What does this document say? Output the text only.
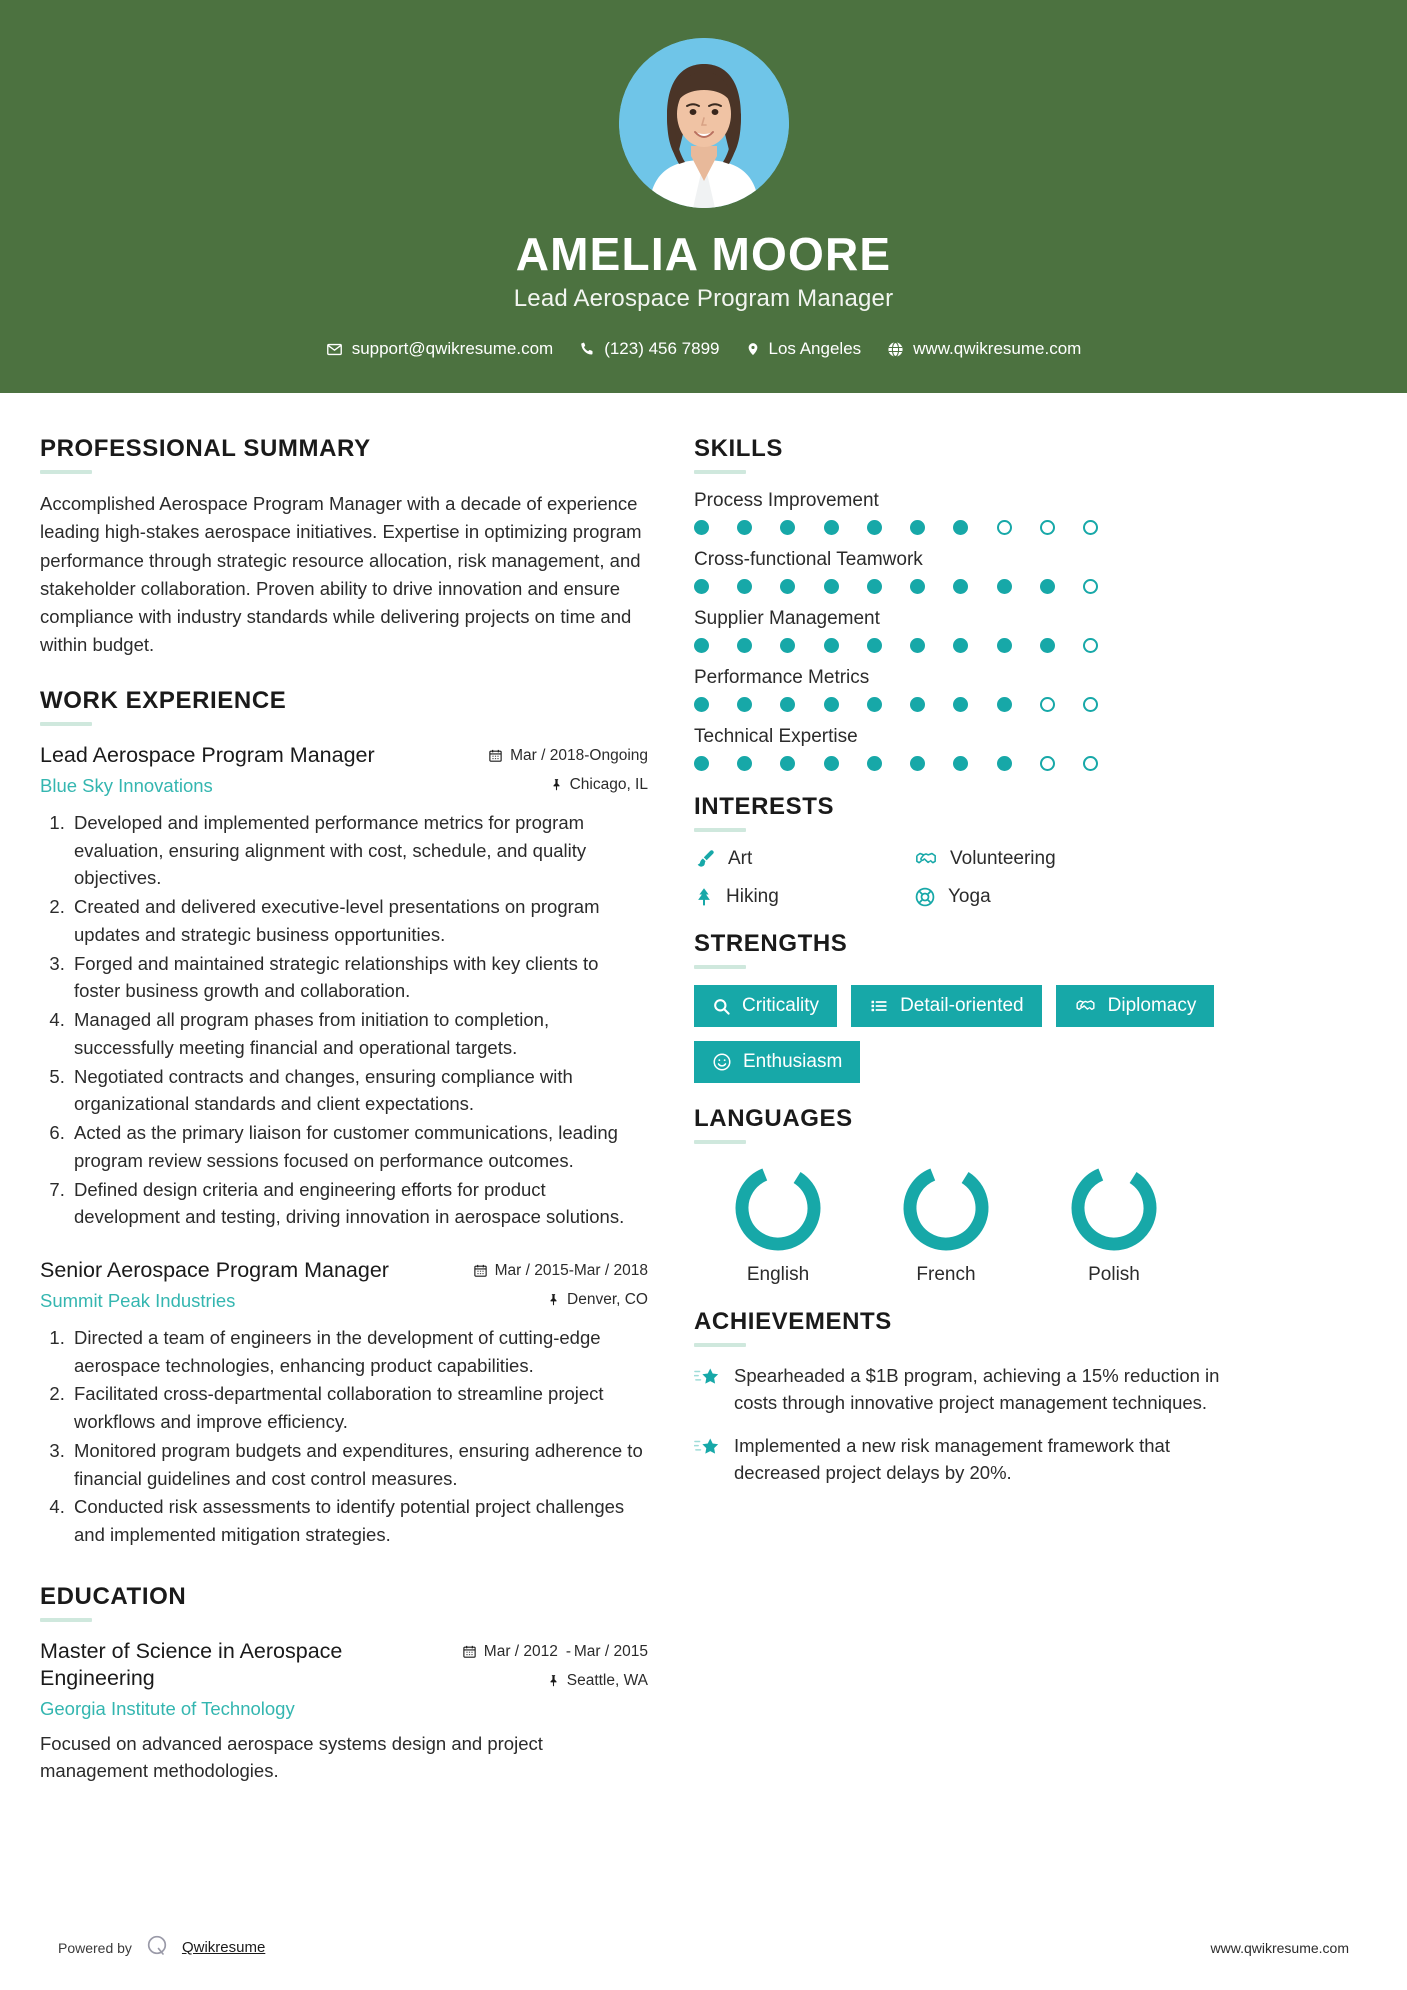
AMELIA MOORE
Lead Aerospace Program Manager
support@qwikresume.com	(123) 456 7899	Los Angeles	www.qwikresume.com
PROFESSIONAL SUMMARY
Accomplished Aerospace Program Manager with a decade of experience leading high-stakes aerospace initiatives. Expertise in optimizing program performance through strategic resource allocation, risk management, and stakeholder collaboration. Proven ability to drive innovation and ensure compliance with industry standards while delivering projects on time and within budget.
WORK EXPERIENCE
Lead Aerospace Program Manager
Blue Sky Innovations
Mar / 2018-Ongoing
Chicago, IL
1. Developed and implemented performance metrics for program evaluation, ensuring alignment with cost, schedule, and quality objectives.
2. Created and delivered executive-level presentations on program updates and strategic business opportunities.
3. Forged and maintained strategic relationships with key clients to foster business growth and collaboration.
4. Managed all program phases from initiation to completion, successfully meeting financial and operational targets.
5. Negotiated contracts and changes, ensuring compliance with organizational standards and client expectations.
6. Acted as the primary liaison for customer communications, leading program review sessions focused on performance outcomes.
7. Defined design criteria and engineering efforts for product development and testing, driving innovation in aerospace solutions.
Senior Aerospace Program Manager
Summit Peak Industries
Mar / 2015-Mar / 2018
Denver, CO
1. Directed a team of engineers in the development of cutting-edge aerospace technologies, enhancing product capabilities.
2. Facilitated cross-departmental collaboration to streamline project workflows and improve efficiency.
3. Monitored program budgets and expenditures, ensuring adherence to financial guidelines and cost control measures.
4. Conducted risk assessments to identify potential project challenges and implemented mitigation strategies.
EDUCATION
Master of Science in Aerospace Engineering
Georgia Institute of Technology
Mar / 2012 - Mar / 2015
Seattle, WA
Focused on advanced aerospace systems design and project management methodologies.
SKILLS
Process Improvement
Cross-functional Teamwork
Supplier Management
Performance Metrics
Technical Expertise
INTERESTS
Art	Volunteering
Hiking	Yoga
STRENGTHS
Criticality	Detail-oriented	Diplomacy
Enthusiasm
LANGUAGES
English	French	Polish
ACHIEVEMENTS
Spearheaded a $1B program, achieving a 15% reduction in costs through innovative project management techniques.
Implemented a new risk management framework that decreased project delays by 20%.
Powered by	Qwikresume	www.qwikresume.com
